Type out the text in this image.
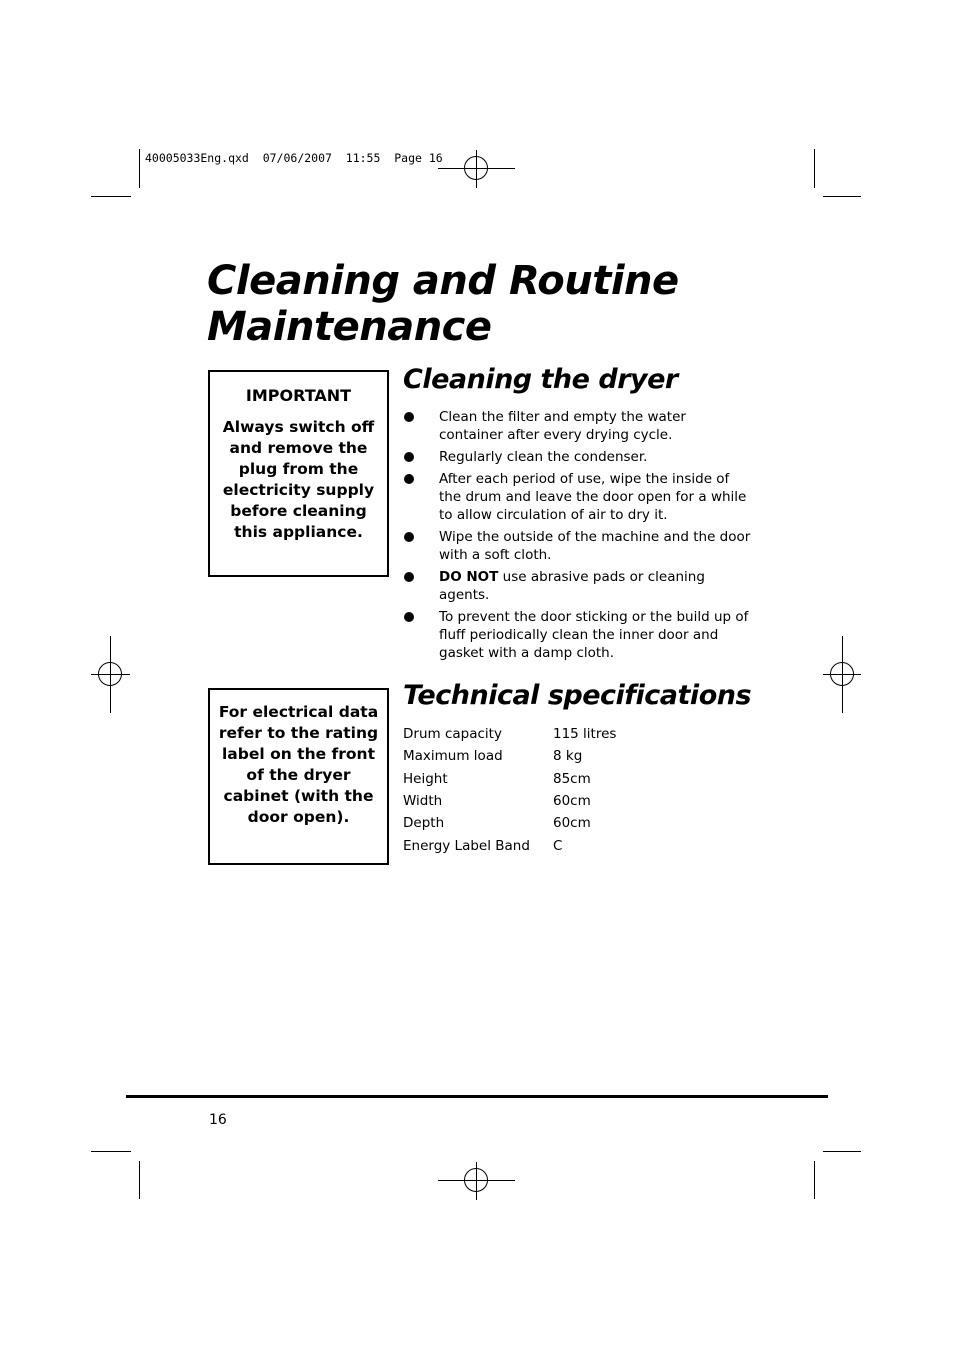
40005033Eng.qxd  07/06/2007  11:55  Page 16
Cleaning and Routine Maintenance
IMPORTANT
Always switch off and remove the plug from the electricity supply before cleaning this appliance.
Cleaning the dryer
Clean the filter and empty the water container after every drying cycle.
Regularly clean the condenser.
After each period of use, wipe the inside of the drum and leave the door open for a while to allow circulation of air to dry it.
Wipe the outside of the machine and the door with a soft cloth.
DO NOT use abrasive pads or cleaning agents.
To prevent the door sticking or the build up of fluff periodically clean the inner door and gasket with a damp cloth.
For electrical data refer to the rating label on the front of the dryer cabinet (with the door open).
Technical specifications
Drum capacity	115 litres
Maximum load	8 kg
Height	85cm
Width	60cm
Depth	60cm
Energy Label Band	C
16
